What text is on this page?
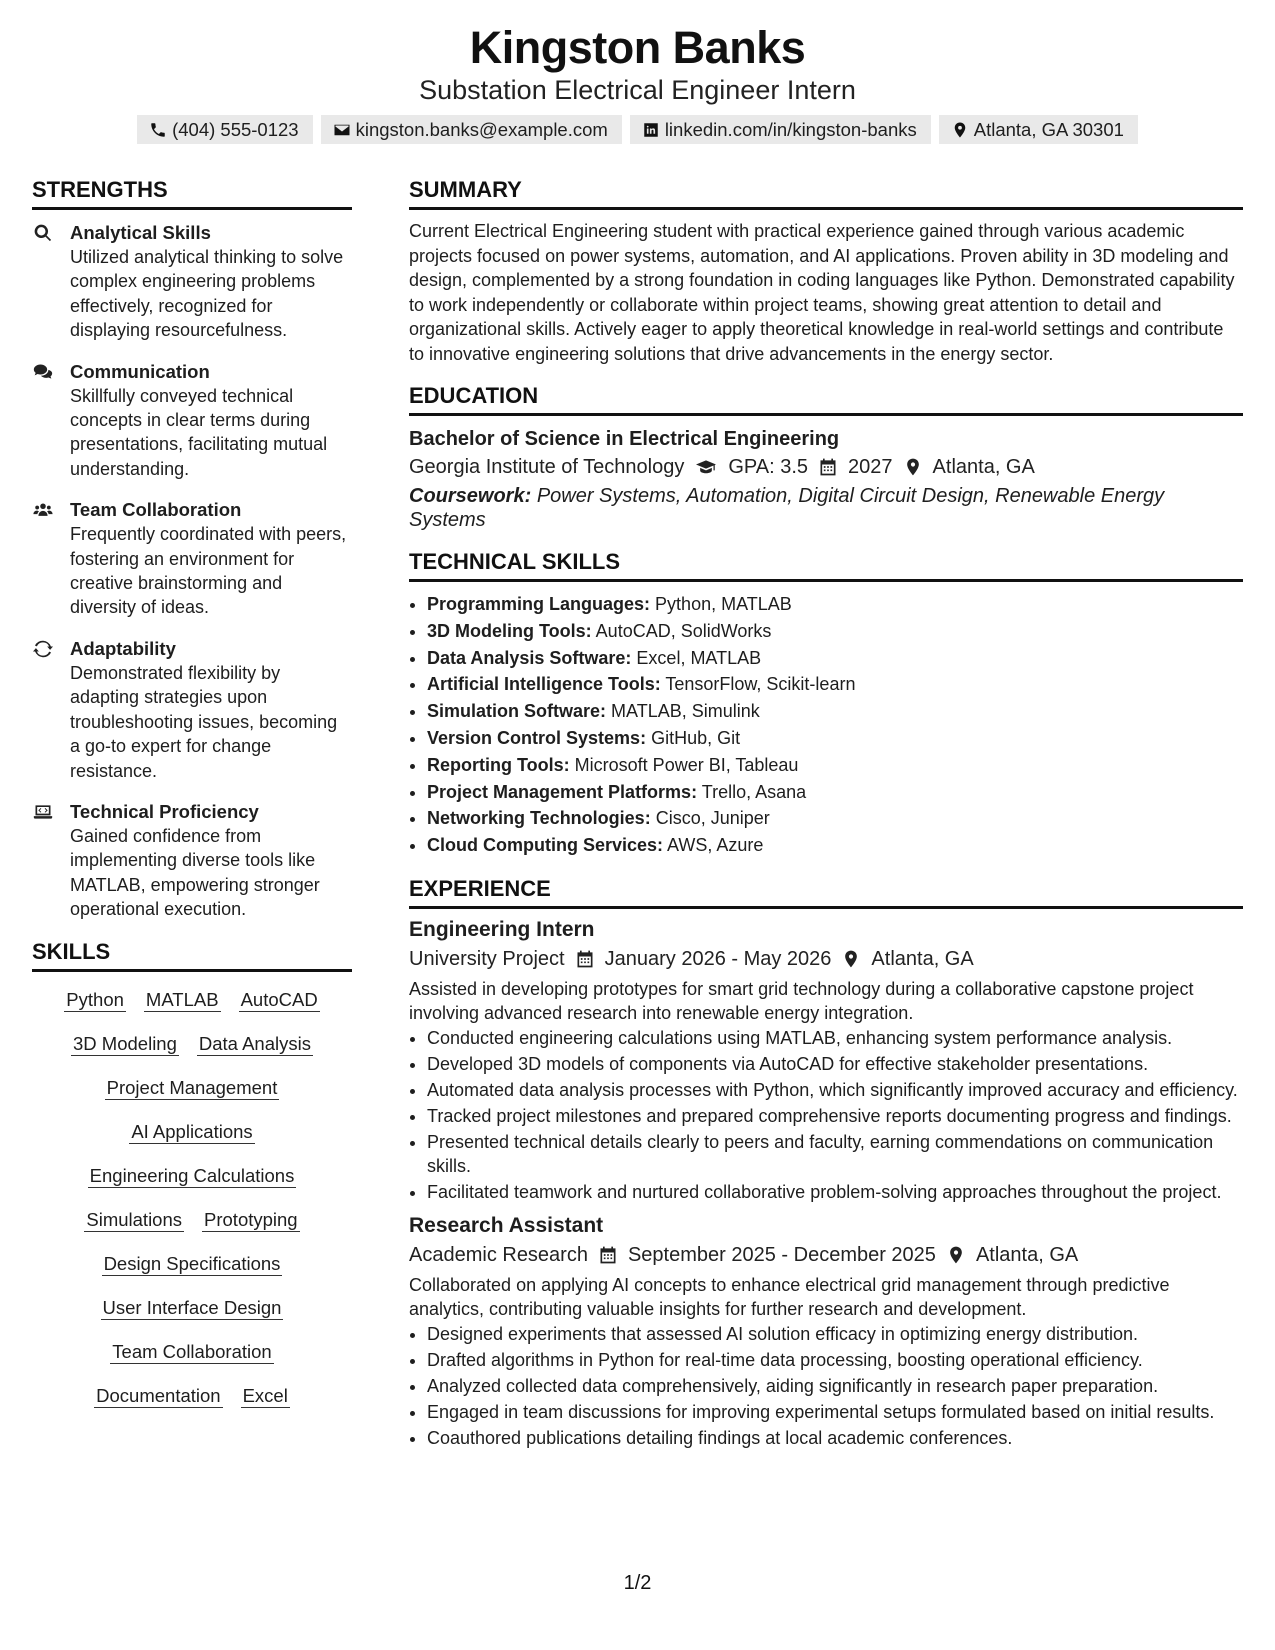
Kingston Banks
Substation Electrical Engineer Intern
(404) 555-0123	kingston.banks@example.com	linkedin.com/in/kingston-banks	Atlanta, GA 30301
STRENGTHS
Analytical Skills
Utilized analytical thinking to solve complex engineering problems effectively, recognized for displaying resourcefulness.
Communication
Skillfully conveyed technical concepts in clear terms during presentations, facilitating mutual understanding.
Team Collaboration
Frequently coordinated with peers, fostering an environment for creative brainstorming and diversity of ideas.
Adaptability
Demonstrated flexibility by adapting strategies upon troubleshooting issues, becoming a go-to expert for change resistance.
Technical Proficiency
Gained confidence from implementing diverse tools like MATLAB, empowering stronger operational execution.
SKILLS
Python MATLAB AutoCAD
3D Modeling Data Analysis
Project Management
AI Applications
Engineering Calculations
Simulations Prototyping
Design Specifications
User Interface Design
Team Collaboration
Documentation Excel
SUMMARY
Current Electrical Engineering student with practical experience gained through various academic projects focused on power systems, automation, and AI applications. Proven ability in 3D modeling and design, complemented by a strong foundation in coding languages like Python. Demonstrated capability to work independently or collaborate within project teams, showing great attention to detail and organizational skills. Actively eager to apply theoretical knowledge in real-world settings and contribute to innovative engineering solutions that drive advancements in the energy sector.
EDUCATION
Bachelor of Science in Electrical Engineering
Georgia Institute of Technology GPA: 3.5 2027 Atlanta, GA
Coursework: Power Systems, Automation, Digital Circuit Design, Renewable Energy Systems
TECHNICAL SKILLS
• Programming Languages: Python, MATLAB
• 3D Modeling Tools: AutoCAD, SolidWorks
• Data Analysis Software: Excel, MATLAB
• Artificial Intelligence Tools: TensorFlow, Scikit-learn
• Simulation Software: MATLAB, Simulink
• Version Control Systems: GitHub, Git
• Reporting Tools: Microsoft Power BI, Tableau
• Project Management Platforms: Trello, Asana
• Networking Technologies: Cisco, Juniper
• Cloud Computing Services: AWS, Azure
EXPERIENCE
Engineering Intern
University Project January 2026 - May 2026 Atlanta, GA
Assisted in developing prototypes for smart grid technology during a collaborative capstone project involving advanced research into renewable energy integration.
• Conducted engineering calculations using MATLAB, enhancing system performance analysis.
• Developed 3D models of components via AutoCAD for effective stakeholder presentations.
• Automated data analysis processes with Python, which significantly improved accuracy and efficiency.
• Tracked project milestones and prepared comprehensive reports documenting progress and findings.
• Presented technical details clearly to peers and faculty, earning commendations on communication skills.
• Facilitated teamwork and nurtured collaborative problem-solving approaches throughout the project.
Research Assistant
Academic Research September 2025 - December 2025 Atlanta, GA
Collaborated on applying AI concepts to enhance electrical grid management through predictive analytics, contributing valuable insights for further research and development.
• Designed experiments that assessed AI solution efficacy in optimizing energy distribution.
• Drafted algorithms in Python for real-time data processing, boosting operational efficiency.
• Analyzed collected data comprehensively, aiding significantly in research paper preparation.
• Engaged in team discussions for improving experimental setups formulated based on initial results.
• Coauthored publications detailing findings at local academic conferences.
1/2
